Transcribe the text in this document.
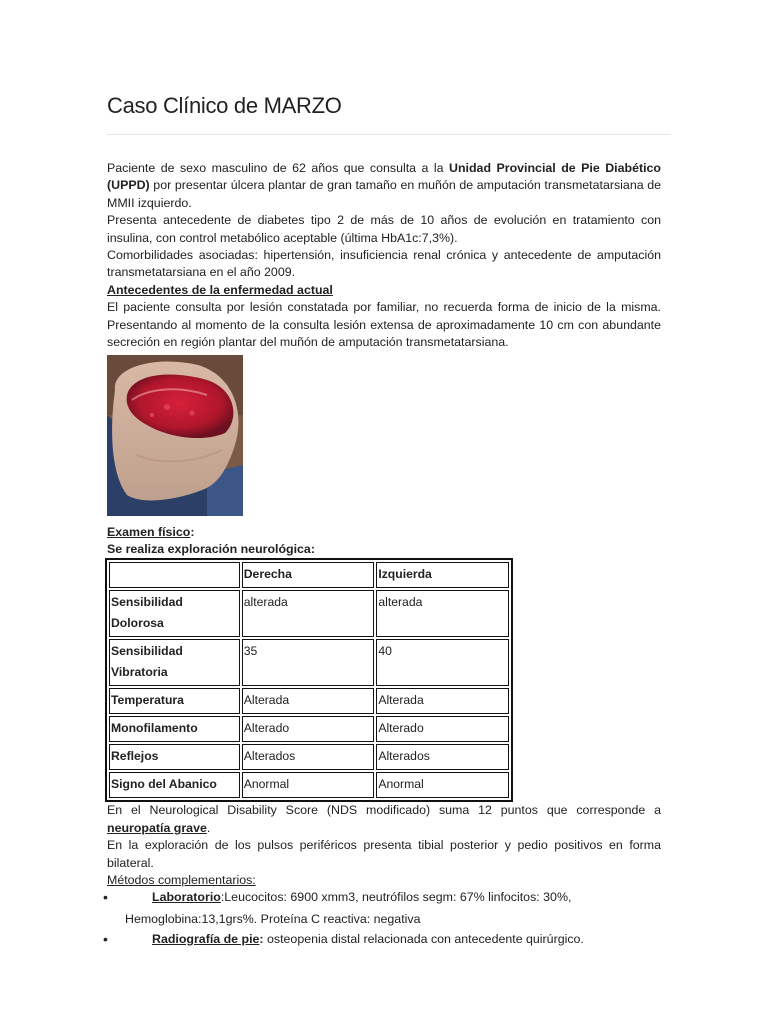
Caso Clínico de MARZO

Paciente de sexo masculino de 62 años que consulta a la Unidad Provincial de Pie Diabético (UPPD) por presentar úlcera plantar de gran tamaño en muñón de amputación transmetatarsiana de MMII izquierdo.

Presenta antecedente de diabetes tipo 2 de más de 10 años de evolución en tratamiento con insulina, con control metabólico aceptable (última HbA1c:7,3%).

Comorbilidades asociadas: hipertensión, insuficiencia renal crónica y antecedente de amputación transmetatarsiana en el año 2009.

Antecedentes de la enfermedad actual

El paciente consulta por lesión constatada por familiar, no recuerda forma de inicio de la misma. Presentando al momento de la consulta lesión extensa de aproximadamente 10 cm con abundante secreción en región plantar del muñón de amputación transmetatarsiana.

Examen físico:

Se realiza exploración neurológica:

	Derecha	Izquierda
Sensibilidad Dolorosa	alterada	alterada
Sensibilidad Vibratoria	35	40
Temperatura	Alterada	Alterada
Monofilamento	Alterado	Alterado
Reflejos	Alterados	Alterados
Signo del Abanico	Anormal	Anormal

En el Neurological Disability Score (NDS modificado) suma 12 puntos que corresponde a neuropatía grave.

En la exploración de los pulsos periféricos presenta tibial posterior y pedio positivos en forma bilateral.

Métodos complementarios:

•	Laboratorio:Leucocitos: 6900 xmm3, neutrófilos segm: 67% linfocitos: 30%,
Hemoglobina:13,1grs%. Proteína C reactiva: negativa
•	Radiografía de pie: osteopenia distal relacionada con antecedente quirúrgico.
